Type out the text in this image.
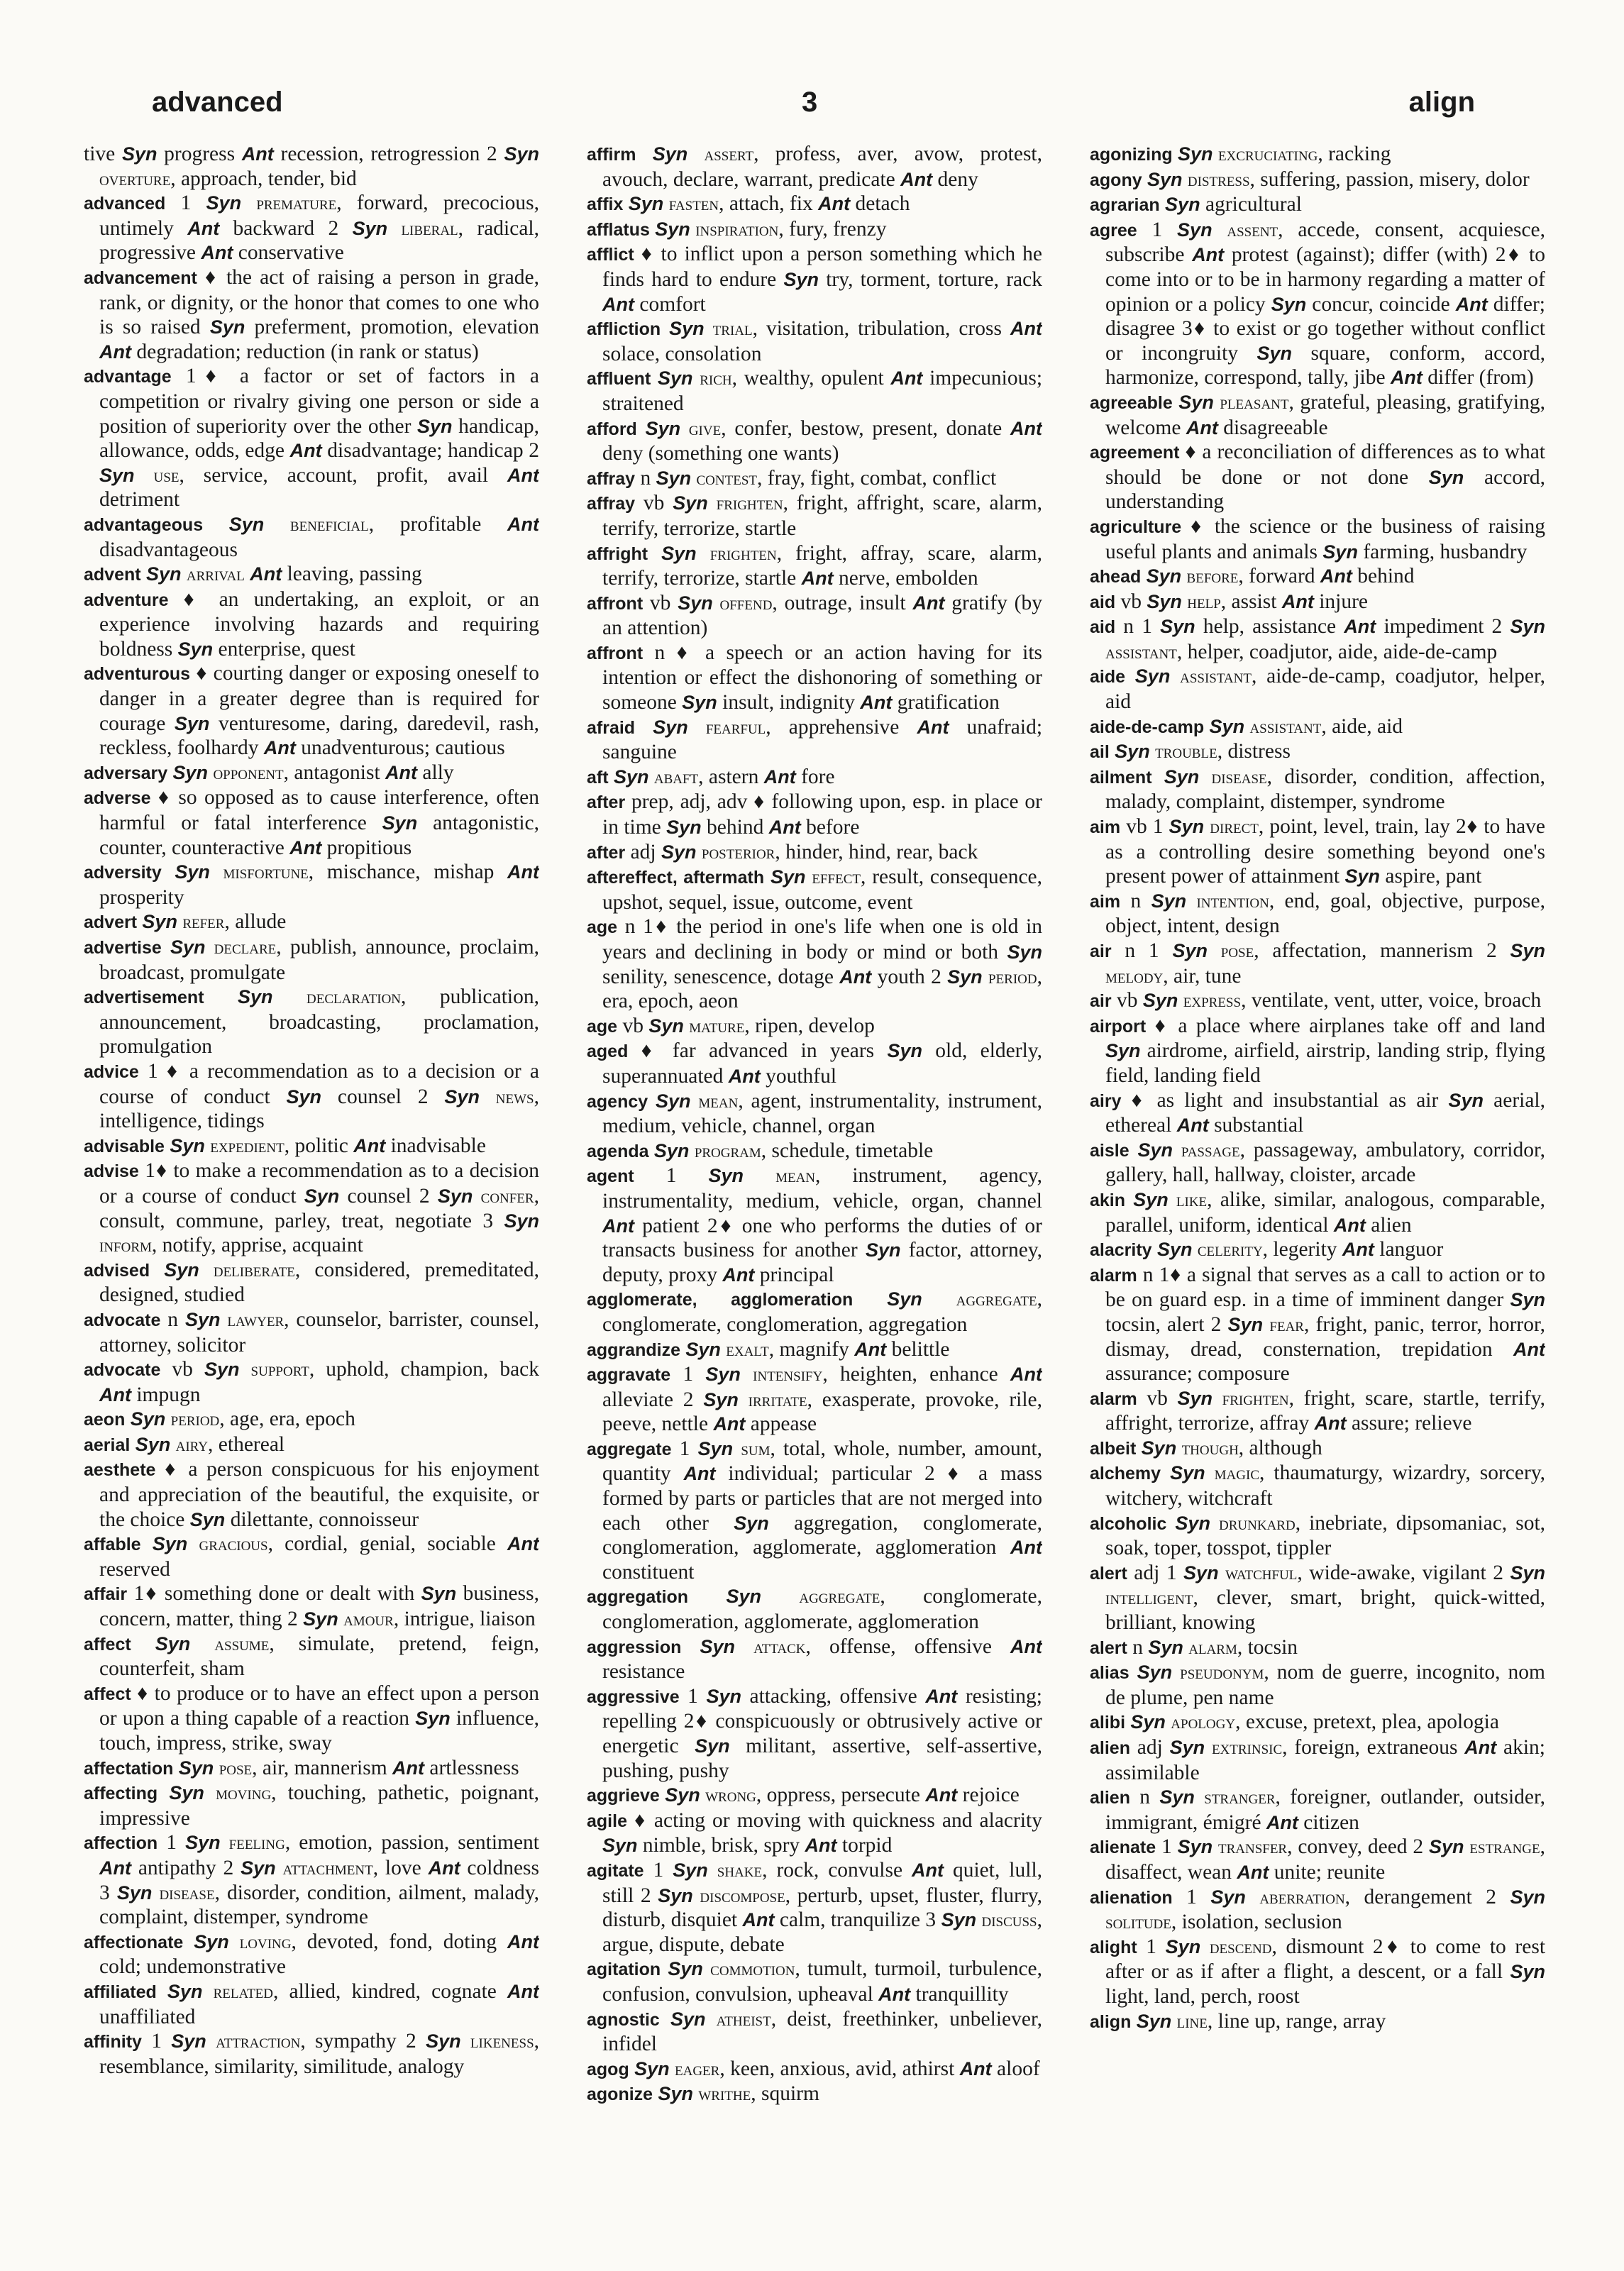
advanced	3	align
tive Syn progress Ant recession, retrogression 2 Syn overture, approach, tender, bid
advanced 1 Syn premature, forward, precocious, untimely Ant backward 2 Syn liberal, radical, progressive Ant conservative
advancement ♦ the act of raising a person in grade, rank, or dignity, or the honor that comes to one who is so raised Syn preferment, promotion, elevation Ant degradation; reduction (in rank or status)
advantage 1♦ a factor or set of factors in a competition or rivalry giving one person or side a position of superiority over the other Syn handicap, allowance, odds, edge Ant disadvantage; handicap 2 Syn use, service, account, profit, avail Ant detriment
advantageous Syn beneficial, profitable Ant disadvantageous
advent Syn arrival Ant leaving, passing
adventure ♦ an undertaking, an exploit, or an experience involving hazards and requiring boldness Syn enterprise, quest
adventurous ♦ courting danger or exposing oneself to danger in a greater degree than is required for courage Syn venturesome, daring, daredevil, rash, reckless, foolhardy Ant unadventurous; cautious
adversary Syn opponent, antagonist Ant ally
adverse ♦ so opposed as to cause interference, often harmful or fatal interference Syn antagonistic, counter, counteractive Ant propitious
adversity Syn misfortune, mischance, mishap Ant prosperity
advert Syn refer, allude
advertise Syn declare, publish, announce, proclaim, broadcast, promulgate
advertisement Syn declaration, publication, announcement, broadcasting, proclamation, promulgation
advice 1 ♦ a recommendation as to a decision or a course of conduct Syn counsel 2 Syn news, intelligence, tidings
advisable Syn expedient, politic Ant inadvisable
advise 1♦ to make a recommendation as to a decision or a course of conduct Syn counsel 2 Syn confer, consult, commune, parley, treat, negotiate 3 Syn inform, notify, apprise, acquaint
advised Syn deliberate, considered, premeditated, designed, studied
advocate n Syn lawyer, counselor, barrister, counsel, attorney, solicitor
advocate vb Syn support, uphold, champion, back Ant impugn
aeon Syn period, age, era, epoch
aerial Syn airy, ethereal
aesthete ♦ a person conspicuous for his enjoyment and appreciation of the beautiful, the exquisite, or the choice Syn dilettante, connoisseur
affable Syn gracious, cordial, genial, sociable Ant reserved
affair 1♦ something done or dealt with Syn business, concern, matter, thing 2 Syn amour, intrigue, liaison
affect Syn assume, simulate, pretend, feign, counterfeit, sham
affect ♦ to produce or to have an effect upon a person or upon a thing capable of a reaction Syn influence, touch, impress, strike, sway
affectation Syn pose, air, mannerism Ant artlessness
affecting Syn moving, touching, pathetic, poignant, impressive
affection 1 Syn feeling, emotion, passion, sentiment Ant antipathy 2 Syn attachment, love Ant coldness 3 Syn disease, disorder, condition, ailment, malady, complaint, distemper, syndrome
affectionate Syn loving, devoted, fond, doting Ant cold; undemonstrative
affiliated Syn related, allied, kindred, cognate Ant unaffiliated
affinity 1 Syn attraction, sympathy 2 Syn likeness, resemblance, similarity, similitude, analogy
affirm Syn assert, profess, aver, avow, protest, avouch, declare, warrant, predicate Ant deny
affix Syn fasten, attach, fix Ant detach
afflatus Syn inspiration, fury, frenzy
afflict ♦ to inflict upon a person something which he finds hard to endure Syn try, torment, torture, rack Ant comfort
affliction Syn trial, visitation, tribulation, cross Ant solace, consolation
affluent Syn rich, wealthy, opulent Ant impecunious; straitened
afford Syn give, confer, bestow, present, donate Ant deny (something one wants)
affray n Syn contest, fray, fight, combat, conflict
affray vb Syn frighten, fright, affright, scare, alarm, terrify, terrorize, startle
affright Syn frighten, fright, affray, scare, alarm, terrify, terrorize, startle Ant nerve, embolden
affront vb Syn offend, outrage, insult Ant gratify (by an attention)
affront n ♦ a speech or an action having for its intention or effect the dishonoring of something or someone Syn insult, indignity Ant gratification
afraid Syn fearful, apprehensive Ant unafraid; sanguine
aft Syn abaft, astern Ant fore
after prep, adj, adv ♦ following upon, esp. in place or in time Syn behind Ant before
after adj Syn posterior, hinder, hind, rear, back
aftereffect, aftermath Syn effect, result, consequence, upshot, sequel, issue, outcome, event
age n 1♦ the period in one's life when one is old in years and declining in body or mind or both Syn senility, senescence, dotage Ant youth 2 Syn period, era, epoch, aeon
age vb Syn mature, ripen, develop
aged ♦ far advanced in years Syn old, elderly, superannuated Ant youthful
agency Syn mean, agent, instrumentality, instrument, medium, vehicle, channel, organ
agenda Syn program, schedule, timetable
agent 1 Syn mean, instrument, agency, instrumentality, medium, vehicle, organ, channel Ant patient 2♦ one who performs the duties of or transacts business for another Syn factor, attorney, deputy, proxy Ant principal
agglomerate, agglomeration Syn aggregate, conglomerate, conglomeration, aggregation
aggrandize Syn exalt, magnify Ant belittle
aggravate 1 Syn intensify, heighten, enhance Ant alleviate 2 Syn irritate, exasperate, provoke, rile, peeve, nettle Ant appease
aggregate 1 Syn sum, total, whole, number, amount, quantity Ant individual; particular 2 ♦ a mass formed by parts or particles that are not merged into each other Syn aggregation, conglomerate, conglomeration, agglomerate, agglomeration Ant constituent
aggregation Syn aggregate, conglomerate, conglomeration, agglomerate, agglomeration
aggression Syn attack, offense, offensive Ant resistance
aggressive 1 Syn attacking, offensive Ant resisting; repelling 2♦ conspicuously or obtrusively active or energetic Syn militant, assertive, self-assertive, pushing, pushy
aggrieve Syn wrong, oppress, persecute Ant rejoice
agile ♦ acting or moving with quickness and alacrity Syn nimble, brisk, spry Ant torpid
agitate 1 Syn shake, rock, convulse Ant quiet, lull, still 2 Syn discompose, perturb, upset, fluster, flurry, disturb, disquiet Ant calm, tranquilize 3 Syn discuss, argue, dispute, debate
agitation Syn commotion, tumult, turmoil, turbulence, confusion, convulsion, upheaval Ant tranquillity
agnostic Syn atheist, deist, freethinker, unbeliever, infidel
agog Syn eager, keen, anxious, avid, athirst Ant aloof
agonize Syn writhe, squirm
agonizing Syn excruciating, racking
agony Syn distress, suffering, passion, misery, dolor
agrarian Syn agricultural
agree 1 Syn assent, accede, consent, acquiesce, subscribe Ant protest (against); differ (with) 2♦ to come into or to be in harmony regarding a matter of opinion or a policy Syn concur, coincide Ant differ; disagree 3♦ to exist or go together without conflict or incongruity Syn square, conform, accord, harmonize, correspond, tally, jibe Ant differ (from)
agreeable Syn pleasant, grateful, pleasing, gratifying, welcome Ant disagreeable
agreement ♦ a reconciliation of differences as to what should be done or not done Syn accord, understanding
agriculture ♦ the science or the business of raising useful plants and animals Syn farming, husbandry
ahead Syn before, forward Ant behind
aid vb Syn help, assist Ant injure
aid n 1 Syn help, assistance Ant impediment 2 Syn assistant, helper, coadjutor, aide, aide-de-camp
aide Syn assistant, aide-de-camp, coadjutor, helper, aid
aide-de-camp Syn assistant, aide, aid
ail Syn trouble, distress
ailment Syn disease, disorder, condition, affection, malady, complaint, distemper, syndrome
aim vb 1 Syn direct, point, level, train, lay 2♦ to have as a controlling desire something beyond one's present power of attainment Syn aspire, pant
aim n Syn intention, end, goal, objective, purpose, object, intent, design
air n 1 Syn pose, affectation, mannerism 2 Syn melody, air, tune
air vb Syn express, ventilate, vent, utter, voice, broach
airport ♦ a place where airplanes take off and land Syn airdrome, airfield, airstrip, landing strip, flying field, landing field
airy ♦ as light and insubstantial as air Syn aerial, ethereal Ant substantial
aisle Syn passage, passageway, ambulatory, corridor, gallery, hall, hallway, cloister, arcade
akin Syn like, alike, similar, analogous, comparable, parallel, uniform, identical Ant alien
alacrity Syn celerity, legerity Ant languor
alarm n 1♦ a signal that serves as a call to action or to be on guard esp. in a time of imminent danger Syn tocsin, alert 2 Syn fear, fright, panic, terror, horror, dismay, dread, consternation, trepidation Ant assurance; composure
alarm vb Syn frighten, fright, scare, startle, terrify, affright, terrorize, affray Ant assure; relieve
albeit Syn though, although
alchemy Syn magic, thaumaturgy, wizardry, sorcery, witchery, witchcraft
alcoholic Syn drunkard, inebriate, dipsomaniac, sot, soak, toper, tosspot, tippler
alert adj 1 Syn watchful, wide-awake, vigilant 2 Syn intelligent, clever, smart, bright, quick-witted, brilliant, knowing
alert n Syn alarm, tocsin
alias Syn pseudonym, nom de guerre, incognito, nom de plume, pen name
alibi Syn apology, excuse, pretext, plea, apologia
alien adj Syn extrinsic, foreign, extraneous Ant akin; assimilable
alien n Syn stranger, foreigner, outlander, outsider, immigrant, émigré Ant citizen
alienate 1 Syn transfer, convey, deed 2 Syn estrange, disaffect, wean Ant unite; reunite
alienation 1 Syn aberration, derangement 2 Syn solitude, isolation, seclusion
alight 1 Syn descend, dismount 2♦ to come to rest after or as if after a flight, a descent, or a fall Syn light, land, perch, roost
align Syn line, line up, range, array
